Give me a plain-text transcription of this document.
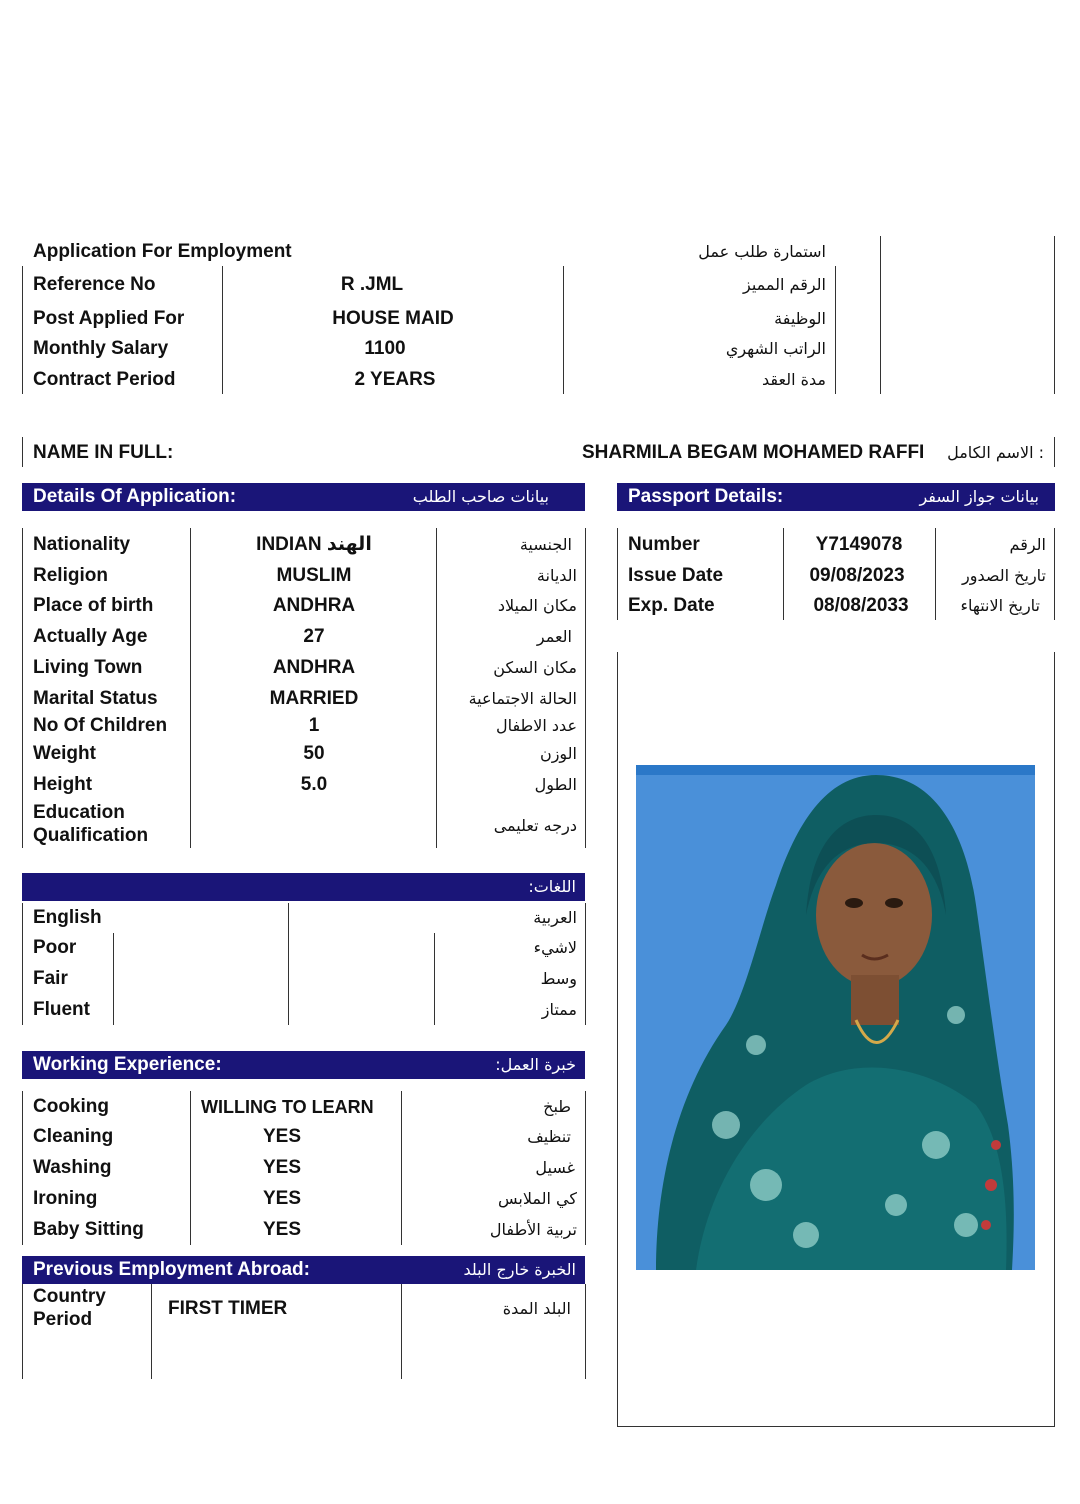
Application For Employment	استمارة طلب عمل
Reference No	R .JML	الرقم المميز
Post Applied For	HOUSE MAID	الوظيفة
Monthly Salary	1100	الراتب الشهري
Contract Period	2 YEARS	مدة العقد
NAME IN FULL:	SHARMILA BEGAM MOHAMED RAFFI : الاسم الكامل
Details Of Application:	بيانات صاحب الطلب	Passport Details:	بيانات جواز السفر
Nationality	INDIAN الهند	الجنسية
Religion	MUSLIM	الديانة
Place of birth	ANDHRA	مكان الميلاد
Actually Age	27	العمر
Living Town	ANDHRA	مكان السكن
Marital Status	MARRIED	الحالة الاجتماعية
No Of Children	1	عدد الاطفال
Weight	50	الوزن
Height	5.0	الطول
Education
Qualification	درجه تعليمى
Number	Y7149078	الرقم
Issue Date	09/08/2023	تاريخ الصدور
Exp. Date	08/08/2033	تاريخ الانتهاء
اللغات:
English	العربية
Poor	لاشيء
Fair	وسط
Fluent	ممتاز
Working Experience:	خبرة العمل:
Cooking	WILLING TO LEARN	طبخ
Cleaning	YES	تنظيف
Washing	YES	غسيل
Ironing	YES	كي الملابس
Baby Sitting	YES	تربية الأطفال
Previous Employment Abroad:	الخبرة خارج البلد
Country
Period
FIRST TIMER	البلد المدة
